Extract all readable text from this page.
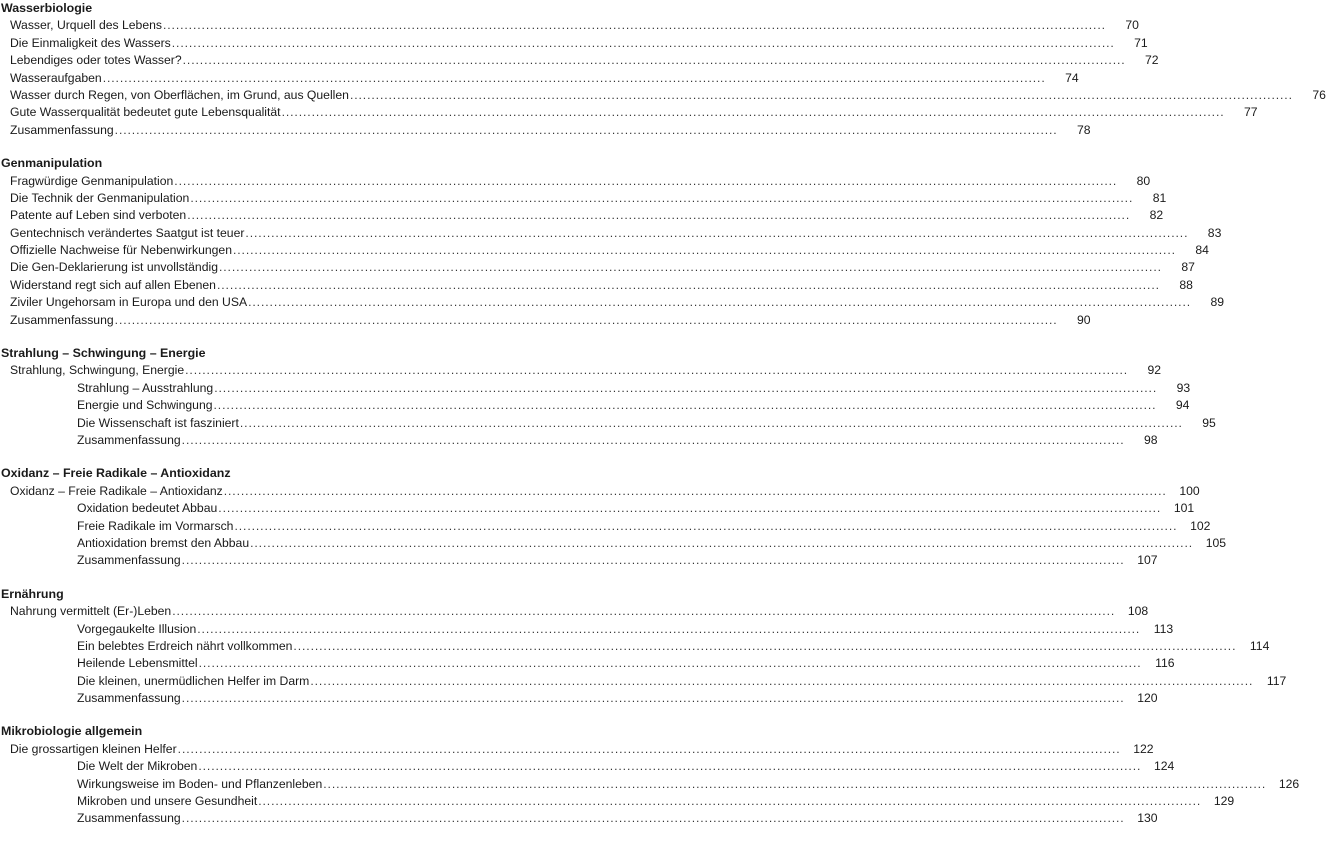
Wasserbiologie
Wasser, Urquell des Lebens ............................................................................................................................................................................................................................	70
Die Einmaligkeit des Wassers ............................................................................................................................................................................................................................	71
Lebendiges oder totes Wasser? ............................................................................................................................................................................................................................	72
Wasseraufgaben ............................................................................................................................................................................................................................	74
Wasser durch Regen, von Oberflächen, im Grund, aus Quellen ............................................................................................................................................................................................................................	76
Gute Wasserqualität bedeutet gute Lebensqualität ............................................................................................................................................................................................................................	77
Zusammenfassung ............................................................................................................................................................................................................................	78
Genmanipulation
Fragwürdige Genmanipulation ............................................................................................................................................................................................................................	80
Die Technik der Genmanipulation ............................................................................................................................................................................................................................	81
Patente auf Leben sind verboten ............................................................................................................................................................................................................................	82
Gentechnisch verändertes Saatgut ist teuer ............................................................................................................................................................................................................................	83
Offizielle Nachweise für Nebenwirkungen ............................................................................................................................................................................................................................	84
Die Gen-Deklarierung ist unvollständig ............................................................................................................................................................................................................................	87
Widerstand regt sich auf allen Ebenen ............................................................................................................................................................................................................................	88
Ziviler Ungehorsam in Europa und den USA ............................................................................................................................................................................................................................	89
Zusammenfassung ............................................................................................................................................................................................................................	90
Strahlung – Schwingung – Energie
Strahlung, Schwingung, Energie ............................................................................................................................................................................................................................	92
Strahlung – Ausstrahlung ............................................................................................................................................................................................................................	93
Energie und Schwingung ............................................................................................................................................................................................................................	94
Die Wissenschaft ist fasziniert ............................................................................................................................................................................................................................	95
Zusammenfassung ............................................................................................................................................................................................................................	98
Oxidanz – Freie Radikale – Antioxidanz
Oxidanz – Freie Radikale – Antioxidanz ............................................................................................................................................................................................................................	100
Oxidation bedeutet Abbau ............................................................................................................................................................................................................................	101
Freie Radikale im Vormarsch ............................................................................................................................................................................................................................	102
Antioxidation bremst den Abbau ............................................................................................................................................................................................................................	105
Zusammenfassung ............................................................................................................................................................................................................................	107
Ernährung
Nahrung vermittelt (Er-)Leben ............................................................................................................................................................................................................................	108
Vorgegaukelte Illusion ............................................................................................................................................................................................................................	113
Ein belebtes Erdreich nährt vollkommen ............................................................................................................................................................................................................................	114
Heilende Lebensmittel ............................................................................................................................................................................................................................	116
Die kleinen, unermüdlichen Helfer im Darm ............................................................................................................................................................................................................................	117
Zusammenfassung ............................................................................................................................................................................................................................	120
Mikrobiologie allgemein
Die grossartigen kleinen Helfer ............................................................................................................................................................................................................................	122
Die Welt der Mikroben ............................................................................................................................................................................................................................	124
Wirkungsweise im Boden- und Pflanzenleben ............................................................................................................................................................................................................................	126
Mikroben und unsere Gesundheit ............................................................................................................................................................................................................................	129
Zusammenfassung ............................................................................................................................................................................................................................	130
